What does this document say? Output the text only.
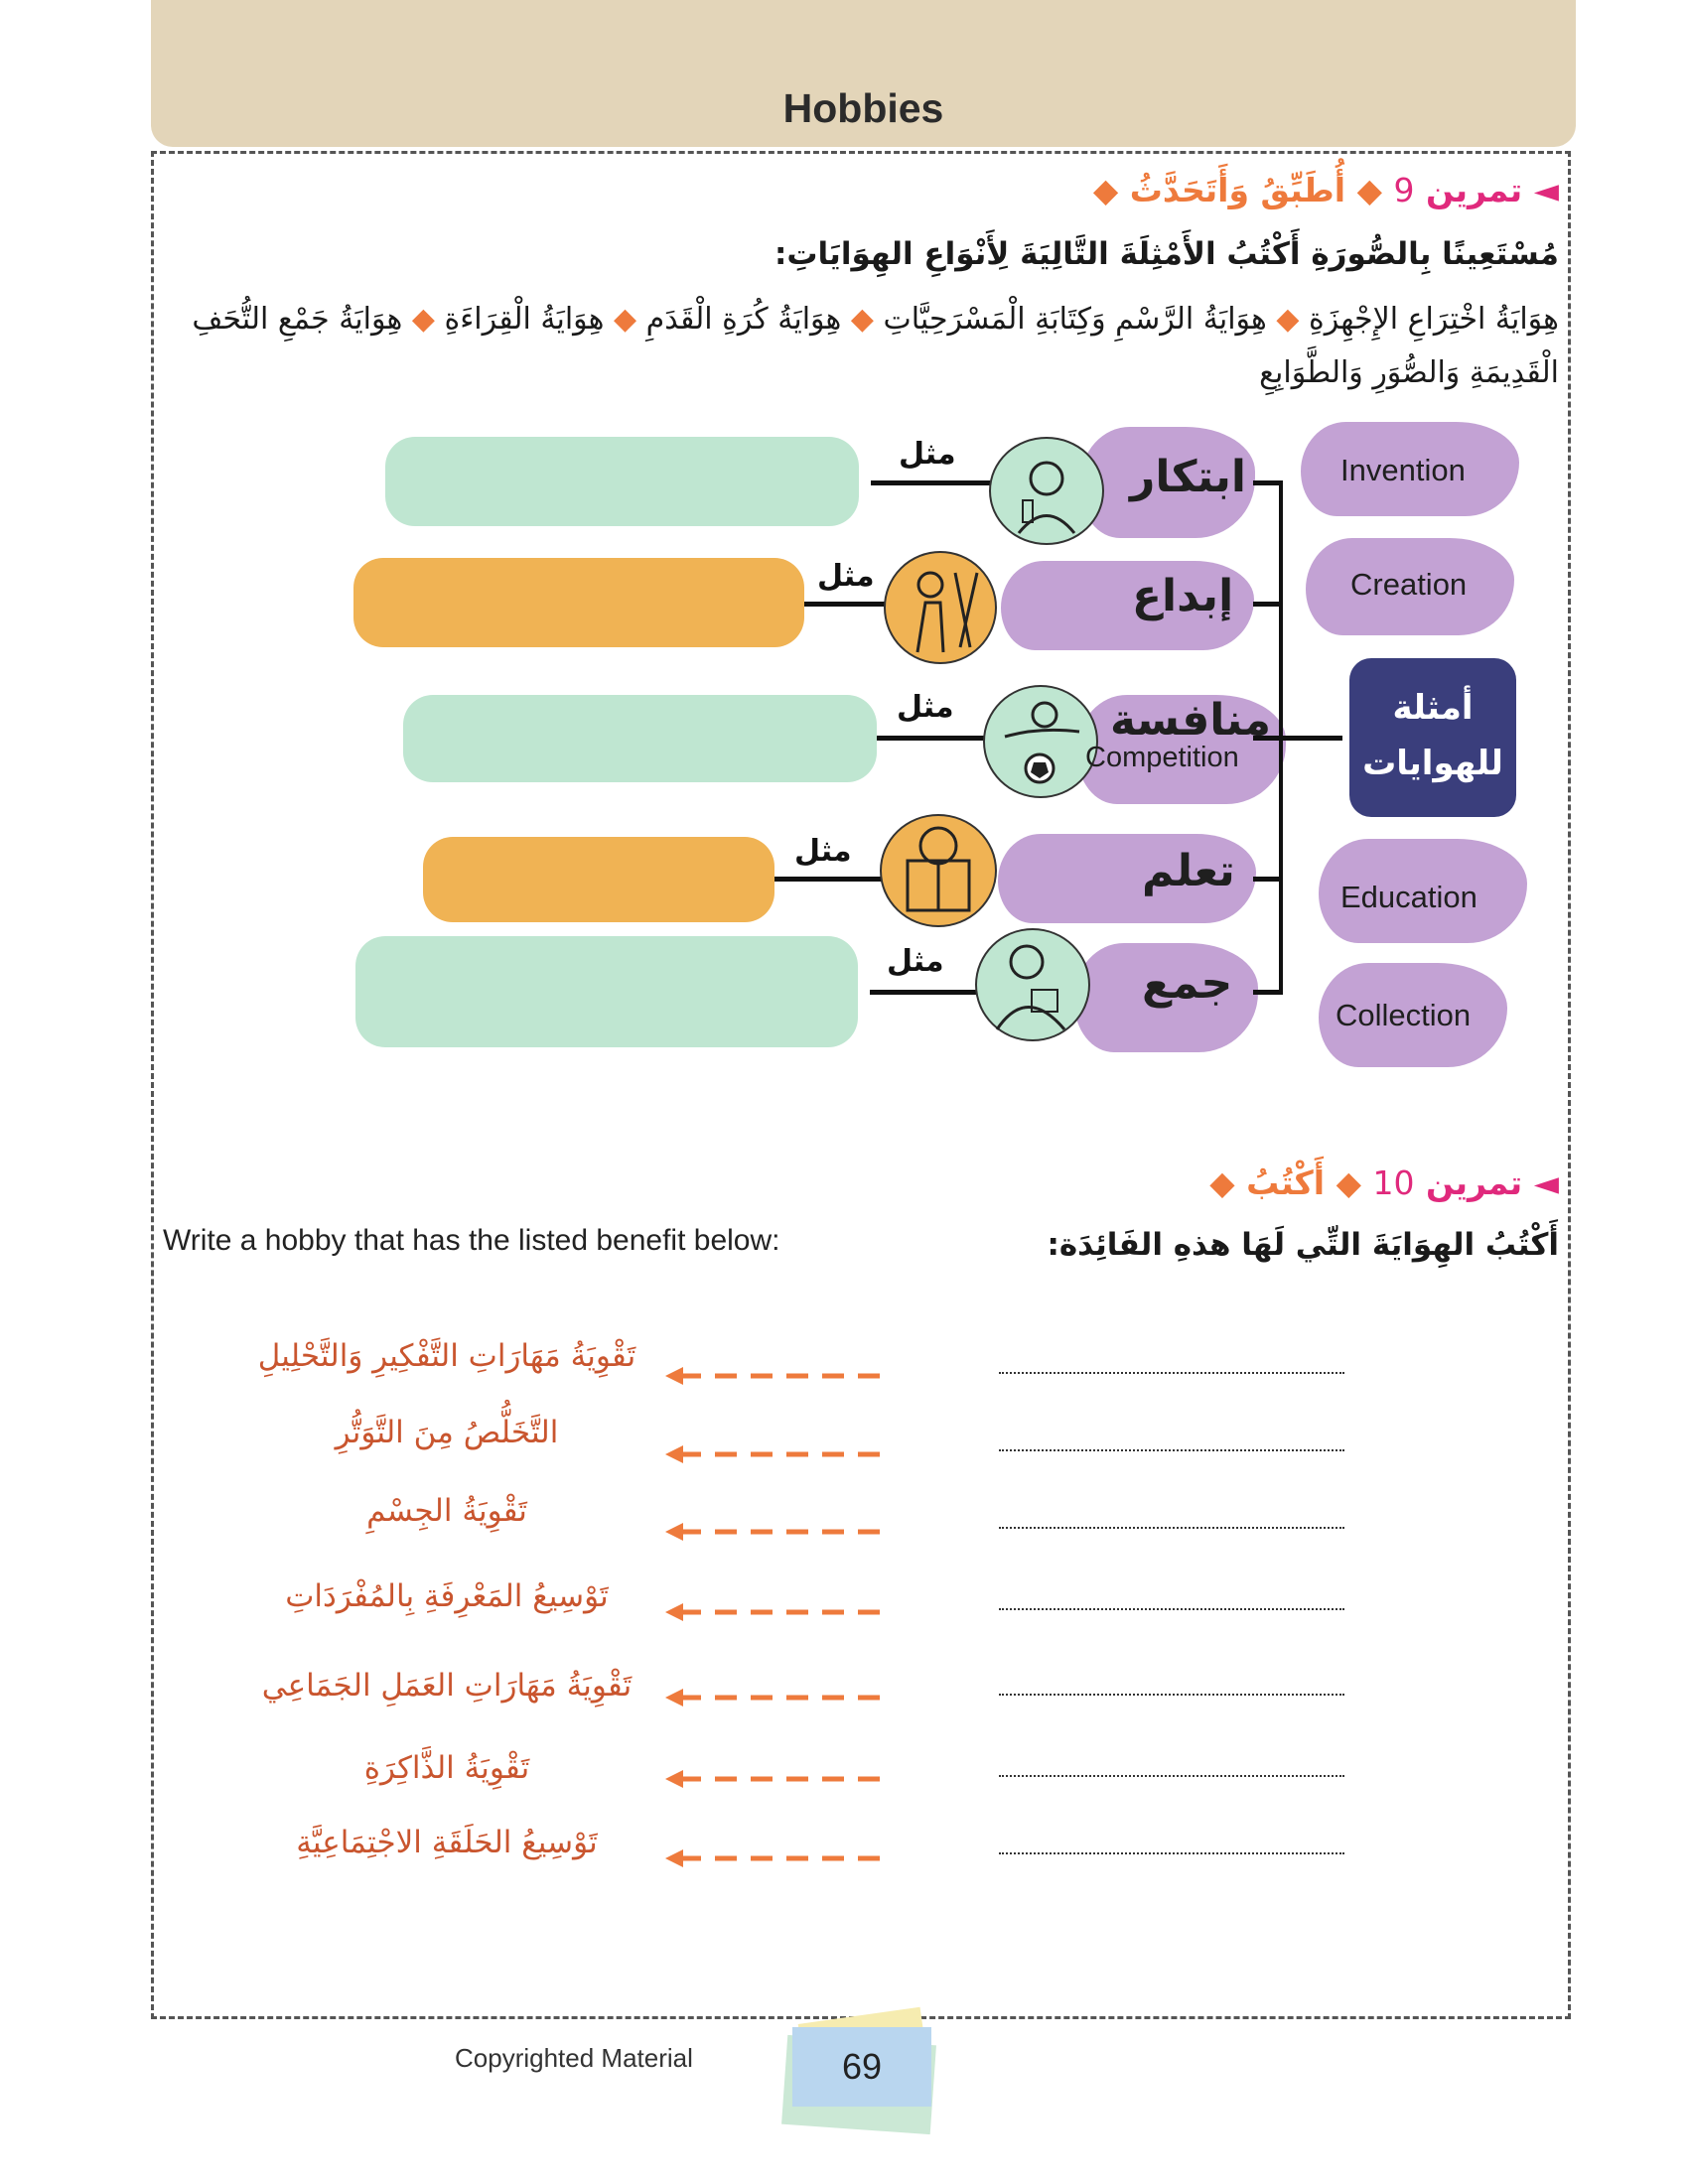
Hobbies
◄ تمرين 9 ◆ أُطَبِّقُ وَأَتَحَدَّثُ ◆
مُسْتَعِينًا بِالصُّورَةِ أَكْتُبُ الأَمْثِلَةَ التَّالِيَةَ لِأَنْوَاعِ الهِوَايَاتِ:
هِوَايَةُ اخْتِرَاعِ الإِجْهِزَةِ ◆ هِوَايَةُ الرَّسْمِ وَكِتَابَةِ الْمَسْرَحِيَّاتِ ◆ هِوَايَةُ كُرَةِ الْقَدَمِ ◆ هِوَايَةُ الْقِرَاءَةِ ◆ هِوَايَةُ جَمْعِ التُّحَفِ
الْقَدِيمَةِ وَالصُّوَرِ وَالطَّوَابِعِ
مثل
مثل
مثل
مثل
مثل
ابتكار
إبداع
منافسة
Competition
تعلم
جمع
أمثلة
للهوايات
Invention
Creation
Education
Collection
◄ تمرين 10 ◆ أَكْتُبُ ◆
أَكْتُبُ الهِوَايَةَ التِّي لَهَا هذهِ الفَائِدَة:
Write a hobby that has the listed benefit below:
تَقْوِيَةُ مَهَارَاتِ التَّفْكِيرِ وَالتَّحْلِيلِ
التَّخَلُّصُ مِنَ التَّوَتُّرِ
تَقْوِيَةُ الجِسْمِ
تَوْسِيعُ المَعْرِفَةِ بِالمُفْرَدَاتِ
تَقْوِيَةُ مَهَارَاتِ العَمَلِ الجَمَاعِي
تَقْوِيَةُ الذَّاكِرَةِ
تَوْسِيعُ الحَلَقَةِ الاجْتِمَاعِيَّةِ
Copyrighted Material	69
